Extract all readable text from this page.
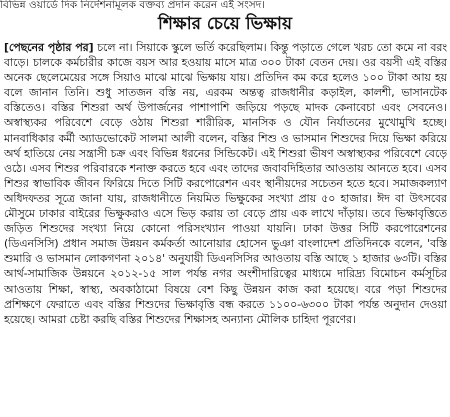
বিভিন্ন ওয়ার্ডে দিক নির্দেশনামূলক বক্তব্য প্রদান করেন এই সংসদ।
শিক্ষার চেয়ে ভিক্ষায়
[পেছনের পৃষ্ঠার পর] চলে না। সিয়াকে স্কুলে ভর্তি করেছিলাম। কিন্তু পড়াতে গেলে খরচ তো কমে না বরং বাড়ে। চালকে কর্মচারীর কাজে বয়স আর হওয়ায় মাসে মাত্র ৩০০ টাকা বেতন দেয়। ওর বয়সী এই বস্তির অনেক ছেলেমেয়ের সঙ্গে সিয়াও মাঝে মাঝে ভিক্ষায় যায়। প্রতিদিন কম করে হলেও ১০০ টাকা আয় হয় বলে জানান তিনি। শুধু সাতজন বস্তি নয়, এরকম অন্তত্ব রাজধানীর কড়াইল, কালশী, ভাসানটেক বস্তিতেও। বস্তির শিশুরা অর্থ উপার্জনের পাশাপাশি জড়িয়ে পড়ছে মাদক কেনাবেচা এবং সেবনেও। অস্বাস্থ্যকর পরিবেশে বেড়ে ওঠায় শিশুরা শারীরিক, মানসিক ও যৌন নির্যাতনের মুখোমুখি হচ্ছে। মানবাধিকার কর্মী অ্যাডভোকেট সালমা আলী বলেন, বস্তির শিশু ও ভাসমান শিশুদের দিয়ে ভিক্ষা করিয়ে অর্থ হাতিয়ে নেয় সন্ত্রাসী চক্র এবং বিভিন্ন ধরনের সিন্ডিকেট। এই শিশুরা ভীষণ অস্বাস্থ্যকর পরিবেশে বেড়ে ওঠে। এসব শিশুর পরিবারকে শনাক্ত করতে হবে এবং তাদের জবাবদিহিতার আওতায় আনতে হবে। এসব শিশুর স্বাভাবিক জীবন ফিরিয়ে দিতে সিটি করপোরেশন এবং স্থানীয়দের সচেতন হতে হবে। সমাজকল্যাণ অধিদফতর সূত্রে জানা যায়, রাজধানীতে নিয়মিত ভিক্ষুকের সংখ্যা প্রায় ৫০ হাজার। ঈদ বা উৎসবের মৌসুমে ঢাকার বাইরের ভিক্ষুকরাও এসে ভিড় করায় তা বেড়ে প্রায় এক লাখে দাঁড়ায়। তবে ভিক্ষাবৃত্তিতে জড়িত শিশুদের সংখ্যা নিয়ে কোনো পরিসংখ্যান পাওয়া যায়নি। ঢাকা উত্তর সিটি করপোরেশনের (ডিএনসিসি) প্রধান সমাজ উন্নয়ন কর্মকর্তা আনোয়ার হোসেন ভুঞা বাংলাদেশ প্রতিদিনকে বলেন, 'বস্তি শুমারি ও ভাসমান লোকগণনা ২০১৪' অনুযায়ী ডিএনসিসির আওতায় বস্তি আছে ১ হাজার ৬৩টি। বস্তির আর্থ-সামাজিক উন্নয়নে ২০১২-১৫ সাল পর্যন্ত নগর অংশীদারিত্বের মাধ্যমে দারিদ্র্য বিমোচন কর্মসূচির আওতায় শিক্ষা, স্বাস্থ্য, অবকাঠামো বিষয়ে বেশ কিছু উন্নয়ন কাজ করা হয়েছে। বরে পড়া শিশুদের প্রশিক্ষণে ফেরাতে এবং বস্তির শিশুদের ভিক্ষাবৃত্তি বন্ধ করতে ১১০০-৬৩০০ টাকা পর্যন্ত অনুদান দেওয়া হয়েছে। আমরা চেষ্টা করছি বস্তির শিশুদের শিক্ষাসহ অন্যান্য মৌলিক চাহিদা পূরণের।
